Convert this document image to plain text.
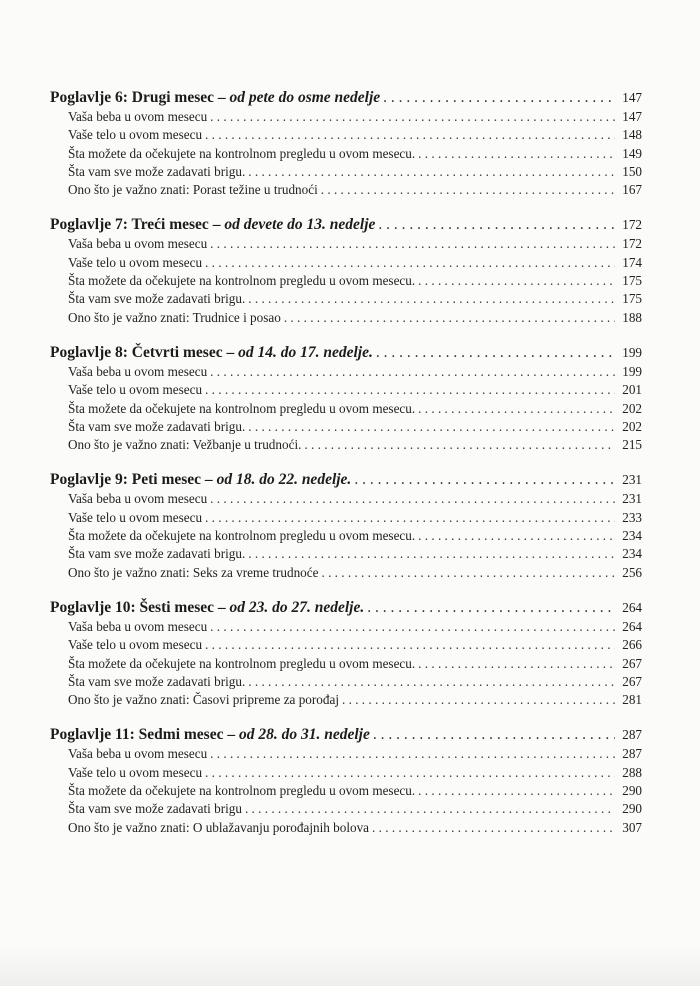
Poglavlje 6: Drugi mesec – od pete do osme nedelje . . .	147
Vaša beba u ovom mesecu . . .	147
Vaše telo u ovom mesecu . . .	148
Šta možete da očekujete na kontrolnom pregledu u ovom mesecu. . . .	149
Šta vam sve može zadavati brigu. . . .	150
Ono što je važno znati: Porast težine u trudnoći . . .	167
Poglavlje 7: Treći mesec – od devete do 13. nedelje . . .	172
Vaša beba u ovom mesecu . . .	172
Vaše telo u ovom mesecu . . .	174
Šta možete da očekujete na kontrolnom pregledu u ovom mesecu. . . .	175
Šta vam sve može zadavati brigu. . . .	175
Ono što je važno znati: Trudnice i posao . . .	188
Poglavlje 8: Četvrti mesec – od 14. do 17. nedelje. . . .	199
Vaša beba u ovom mesecu . . .	199
Vaše telo u ovom mesecu . . .	201
Šta možete da očekujete na kontrolnom pregledu u ovom mesecu. . . .	202
Šta vam sve može zadavati brigu. . . .	202
Ono što je važno znati: Vežbanje u trudnoći. . . .	215
Poglavlje 9: Peti mesec – od 18. do 22. nedelje. . . .	231
Vaša beba u ovom mesecu . . .	231
Vaše telo u ovom mesecu . . .	233
Šta možete da očekujete na kontrolnom pregledu u ovom mesecu. . . .	234
Šta vam sve može zadavati brigu. . . .	234
Ono što je važno znati: Seks za vreme trudnoće . . .	256
Poglavlje 10: Šesti mesec – od 23. do 27. nedelje. . . .	264
Vaša beba u ovom mesecu . . .	264
Vaše telo u ovom mesecu . . .	266
Šta možete da očekujete na kontrolnom pregledu u ovom mesecu. . . .	267
Šta vam sve može zadavati brigu. . . .	267
Ono što je važno znati: Časovi pripreme za porođaj . . .	281
Poglavlje 11: Sedmi mesec – od 28. do 31. nedelje . . .	287
Vaša beba u ovom mesecu . . .	287
Vaše telo u ovom mesecu . . .	288
Šta možete da očekujete na kontrolnom pregledu u ovom mesecu. . . .	290
Šta vam sve može zadavati brigu . . .	290
Ono što je važno znati: O ublažavanju porođajnih bolova . . .	307
